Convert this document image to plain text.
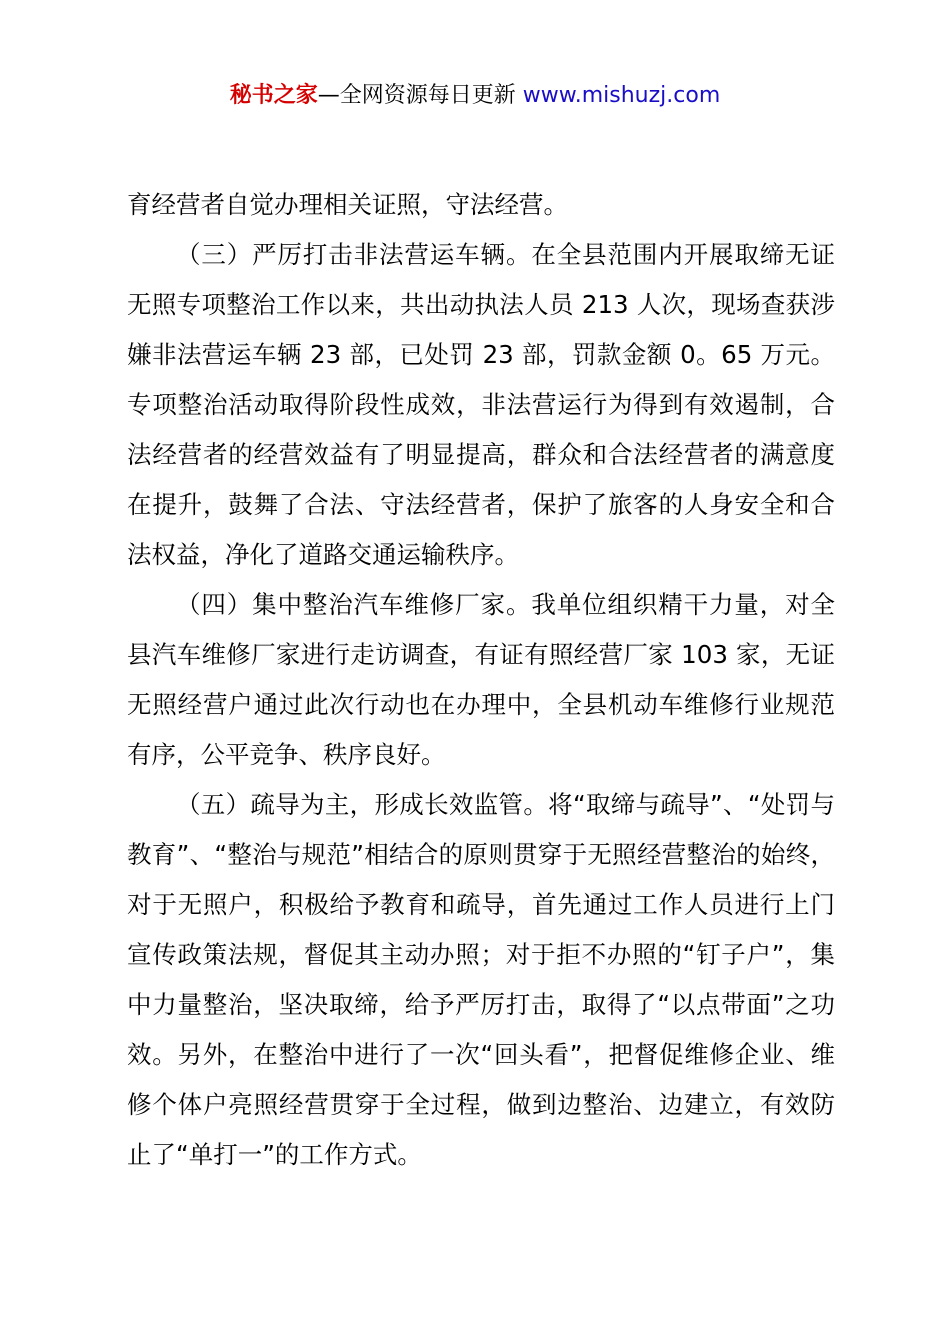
秘书之家—全网资源每日更新 www.mishuzj.com

育经营者自觉办理相关证照，守法经营。

（三）严厉打击非法营运车辆。在全县范围内开展取缔无证无照专项整治工作以来，共出动执法人员 213 人次，现场查获涉嫌非法营运车辆 23 部，已处罚 23 部，罚款金额 0。65 万元。专项整治活动取得阶段性成效，非法营运行为得到有效遏制，合法经营者的经营效益有了明显提高，群众和合法经营者的满意度在提升，鼓舞了合法、守法经营者，保护了旅客的人身安全和合法权益，净化了道路交通运输秩序。

（四）集中整治汽车维修厂家。我单位组织精干力量，对全县汽车维修厂家进行走访调查，有证有照经营厂家 103 家，无证无照经营户通过此次行动也在办理中，全县机动车维修行业规范有序，公平竞争、秩序良好。

（五）疏导为主，形成长效监管。将“取缔与疏导”、“处罚与教育”、“整治与规范”相结合的原则贯穿于无照经营整治的始终，对于无照户，积极给予教育和疏导，首先通过工作人员进行上门宣传政策法规，督促其主动办照；对于拒不办照的“钉子户”，集中力量整治，坚决取缔，给予严厉打击，取得了“以点带面”之功效。另外，在整治中进行了一次“回头看”，把督促维修企业、维修个体户亮照经营贯穿于全过程，做到边整治、边建立，有效防止了“单打一”的工作方式。
